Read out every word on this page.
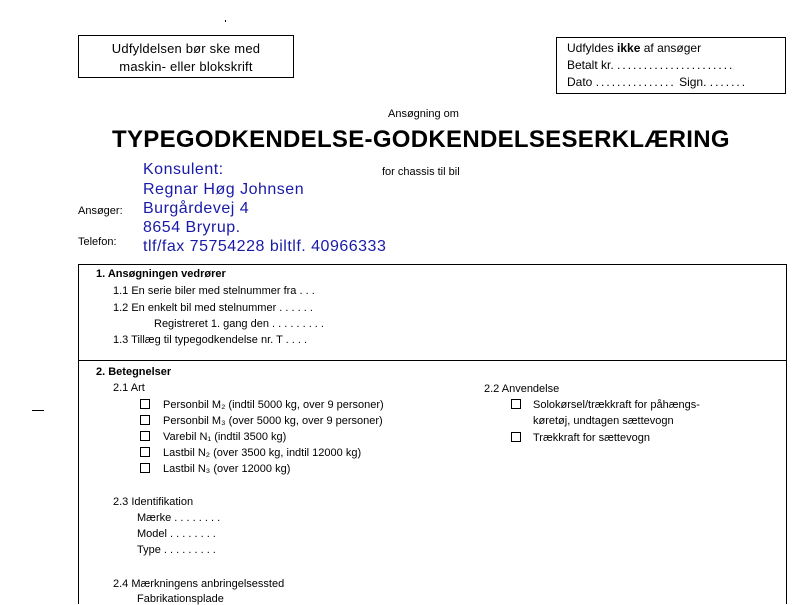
Udfyldelsen bør ske med
maskin- eller blokskrift
Udfyldes ikke af ansøger
Betalt kr. ......................
Dato ............... Sign. .......
Ansøgning om
TYPEGODKENDELSE-GODKENDELSESERKLÆRING
for chassis til bil
Konsulent:
Regnar Høg Johnsen
Ansøger: Burgårdevej 4
8654 Bryrup.
Telefon: tlf/fax 75754228 biltlf. 40966333
1. Ansøgningen vedrører
1.1 En serie biler med stelnummer fra . . .
1.2 En enkelt bil med stelnummer . . . . . .
Registreret 1. gang den . . . . . . . . .
1.3 Tillæg til typegodkendelse nr. T . . . .
2. Betegnelser
2.1 Art
Personbil M₂ (indtil 5000 kg, over 9 personer)
Personbil M₃ (over 5000 kg, over 9 personer)
Varebil N₁ (indtil 3500 kg)
Lastbil N₂ (over 3500 kg, indtil 12000 kg)
Lastbil N₃ (over 12000 kg)
2.2 Anvendelse
Solokørsel/trækkraft for påhængs-
køretøj, undtagen sættevogn
Trækkraft for sættevogn
2.3 Identifikation
Mærke . . . . . . . .
Model . . . . . . . .
Type . . . . . . . . .
2.4 Mærkningens anbringelsessted
Fabrikationsplade
